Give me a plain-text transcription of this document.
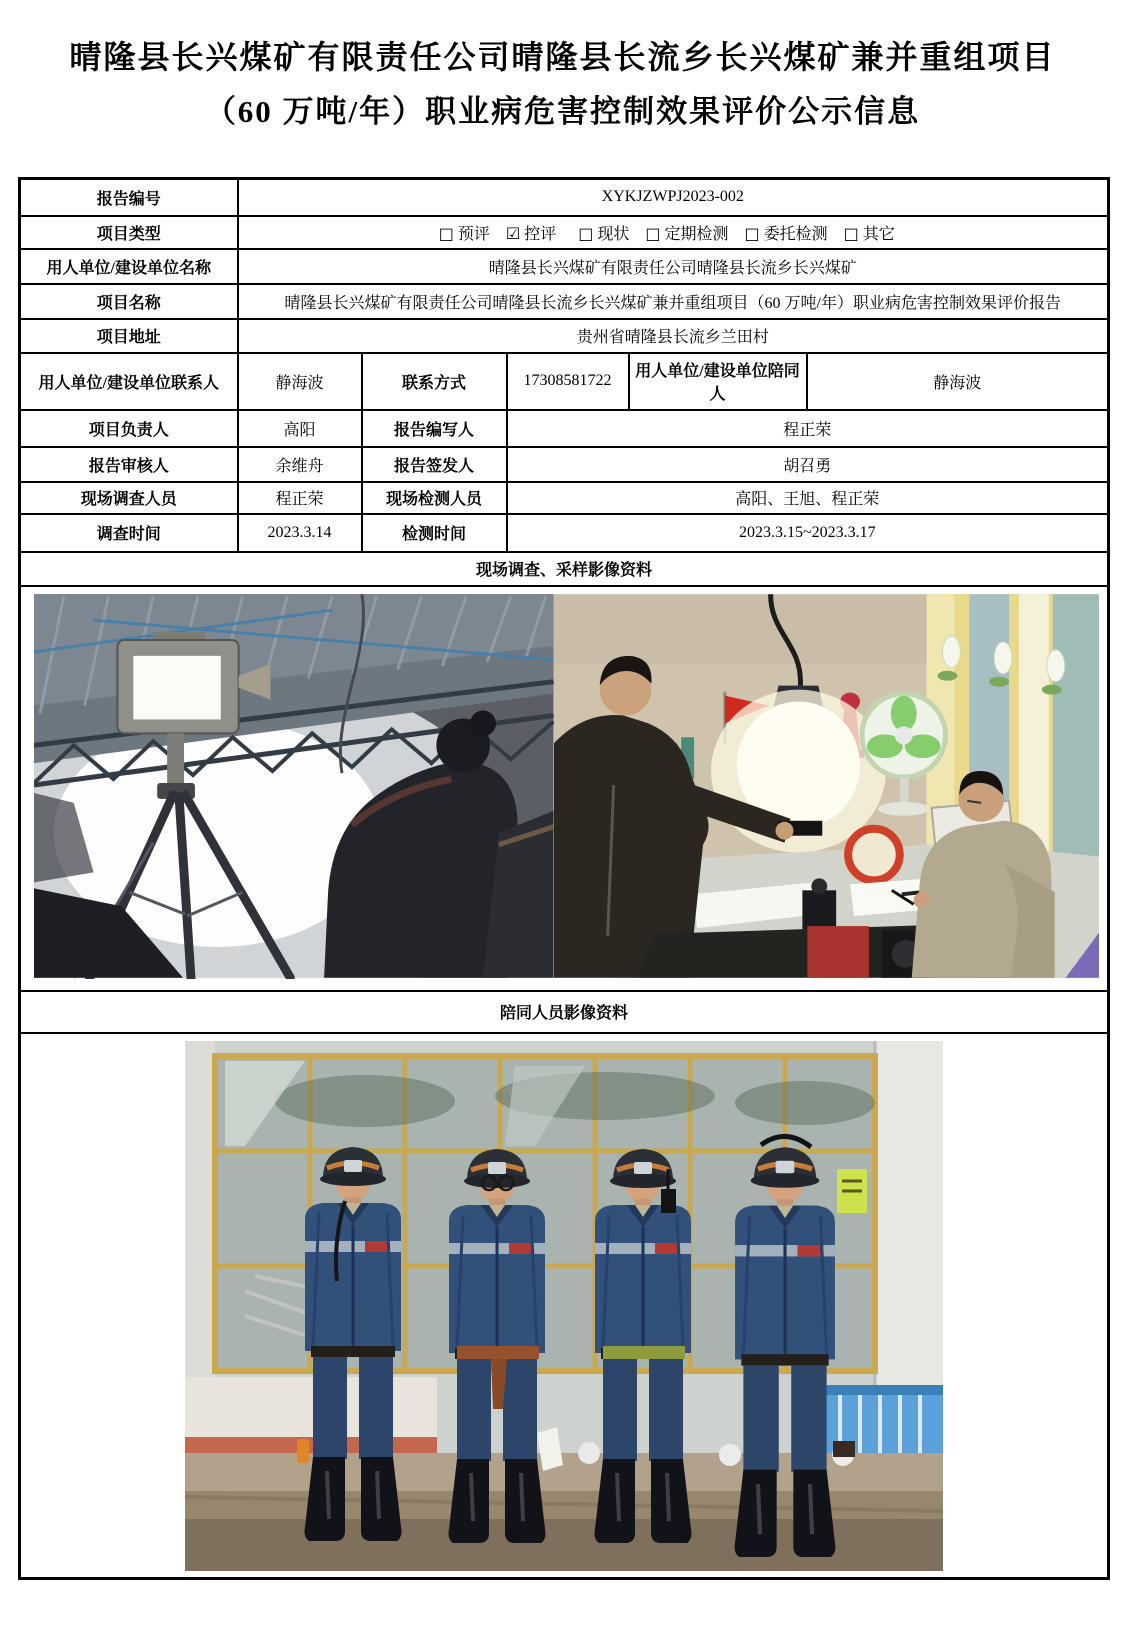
晴隆县长兴煤矿有限责任公司晴隆县长流乡长兴煤矿兼并重组项目
（60 万吨/年）职业病危害控制效果评价公示信息
报告编号	XYKJZWPJ2023-002				
项目类型	□ 预评 ☑ 控评 □ 现状 □ 定期检测 □ 委托检测 □ 其它				
用人单位/建设单位名称	晴隆县长兴煤矿有限责任公司晴隆县长流乡长兴煤矿				
项目名称	晴隆县长兴煤矿有限责任公司晴隆县长流乡长兴煤矿兼并重组项目（60 万吨/年）职业病危害控制效果评价报告				
项目地址	贵州省晴隆县长流乡兰田村				
用人单位/建设单位联系人	静海波	联系方式	17308581722	用人单位/建设单位陪同人	静海波
项目负责人	高阳	报告编写人	程正荣		
报告审核人	余维舟	报告签发人	胡召勇		
现场调查人员	程正荣	现场检测人员	高阳、王旭、程正荣		
调查时间	2023.3.14	检测时间	2023.3.15~2023.3.17		
现场调查、采样影像资料					

陪同人员影像资料					
